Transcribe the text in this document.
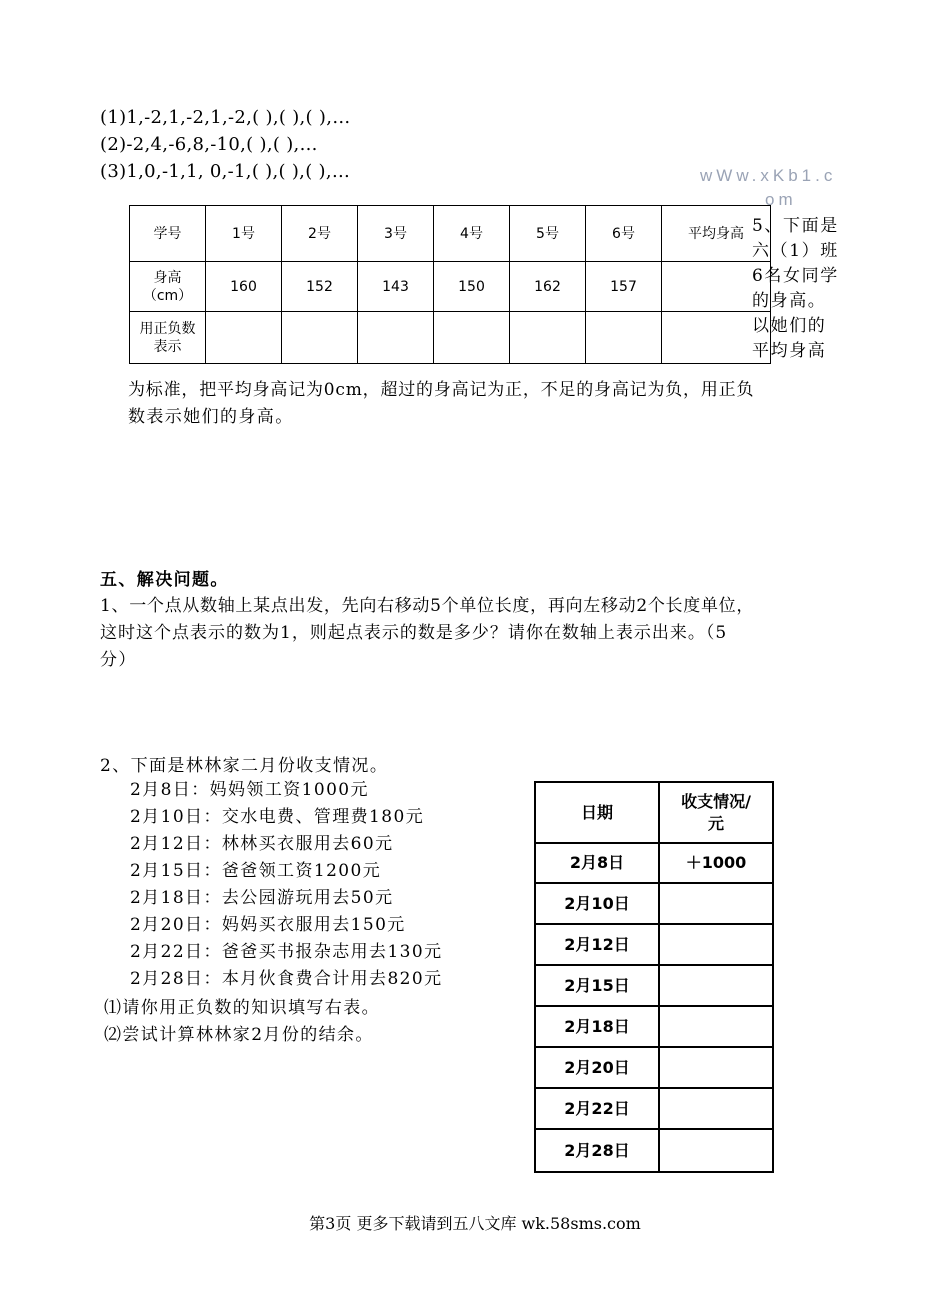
(1)1,-2,1,-2,1,-2,( ),( ),( ),…
(2)-2,4,-6,8,-10,( ),( ),…
(3)1,0,-1,1, 0,-1,( ),( ),( ),…	wWw.xKb1.c
om
学号	1号	2号	3号	4号	5号	6号	平均身高
身高（cm）	160	152	143	150	162	157	
用正负数表示							
5、下面是
六（1）班
6名女同学
的身高。
以她们的
平均身高
为标准，把平均身高记为0cm，超过的身高记为正，不足的身高记为负，用正负
数表示她们的身高。
五、解决问题。
1、一个点从数轴上某点出发，先向右移动5个单位长度，再向左移动2个长度单位，
这时这个点表示的数为1，则起点表示的数是多少？请你在数轴上表示出来。（5
分）
2、下面是林林家二月份收支情况。
2月8日：妈妈领工资1000元
2月10日：交水电费、管理费180元
2月12日：林林买衣服用去60元
2月15日：爸爸领工资1200元
2月18日：去公园游玩用去50元
2月20日：妈妈买衣服用去150元
2月22日：爸爸买书报杂志用去130元
2月28日：本月伙食费合计用去820元
⑴请你用正负数的知识填写右表。
⑵尝试计算林林家2月份的结余。
日期	收支情况/元
2月8日	＋1000
2月10日	
2月12日	
2月15日	
2月18日	
2月20日	
2月22日	
2月28日	
第3页 更多下载请到五八文库 wk.58sms.com
